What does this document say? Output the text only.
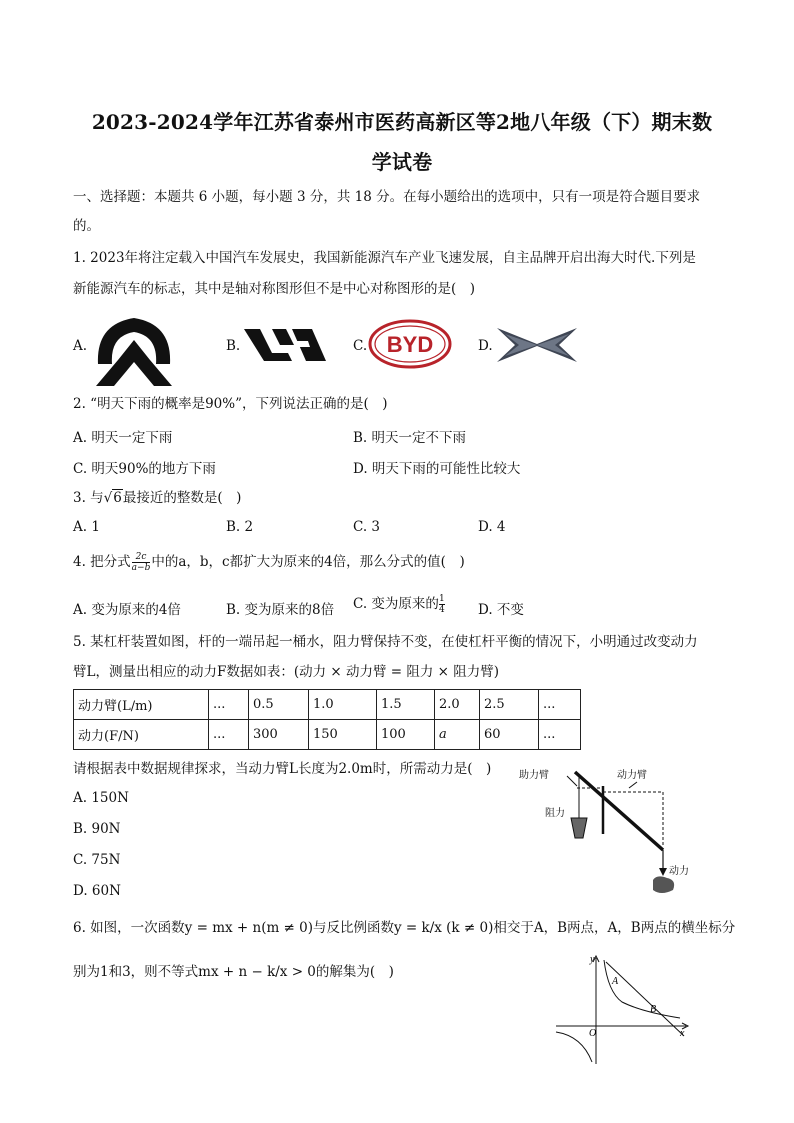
2023-2024学年江苏省泰州市医药高新区等2地八年级（下）期末数
学试卷
一、选择题：本题共 6 小题，每小题 3 分，共 18 分。在每小题给出的选项中，只有一项是符合题目要求
的。
1. 2023年将注定载入中国汽车发展史，我国新能源汽车产业飞速发展，自主品牌开启出海大时代.下列是
新能源汽车的标志，其中是轴对称图形但不是中心对称图形的是(　)
A.	B.	C. BYD	D.
2. “明天下雨的概率是90%”，下列说法正确的是(　)
A. 明天一定下雨	B. 明天一定不下雨
C. 明天90%的地方下雨	D. 明天下雨的可能性比较大
3. 与√6最接近的整数是(　)
A. 1	B. 2	C. 3	D. 4
4. 把分式 $\frac{2c}{a-b}$ 中的a，b，c都扩大为原来的4倍，那么分式的值(　)
A. 变为原来的4倍	B. 变为原来的8倍 C. 变为原来的 $\frac{1}{4} D$. 不变
5. 某杠杆装置如图，杆的一端吊起一桶水，阻力臂保持不变，在使杠杆平衡的情况下，小明通过改变动力
臂L，测量出相应的动力F数据如表：(动力 × 动力臂 = 阻力 × 阻力臂)
动力臂(L/m)	...	0.5	1.0	1.5	2.0	2.5	...
动力(F/N)	...	300	150	100	a	60	...
请根据表中数据规律探求，当动力臂L长度为2.0m时，所需动力是(　)
A. 150N
B. 90N
C. 75N
D. 60N
助力臂	动力臂
阻力
动力
6. 如图，一次函数y = mx + n(m ≠ 0)与反比例函数y = k/x (k ≠ 0)相交于A，B两点，A，B两点的横坐标分
别为1和3，则不等式mx + n − k/x > 0的解集为(　)
y
x
O
A
B
